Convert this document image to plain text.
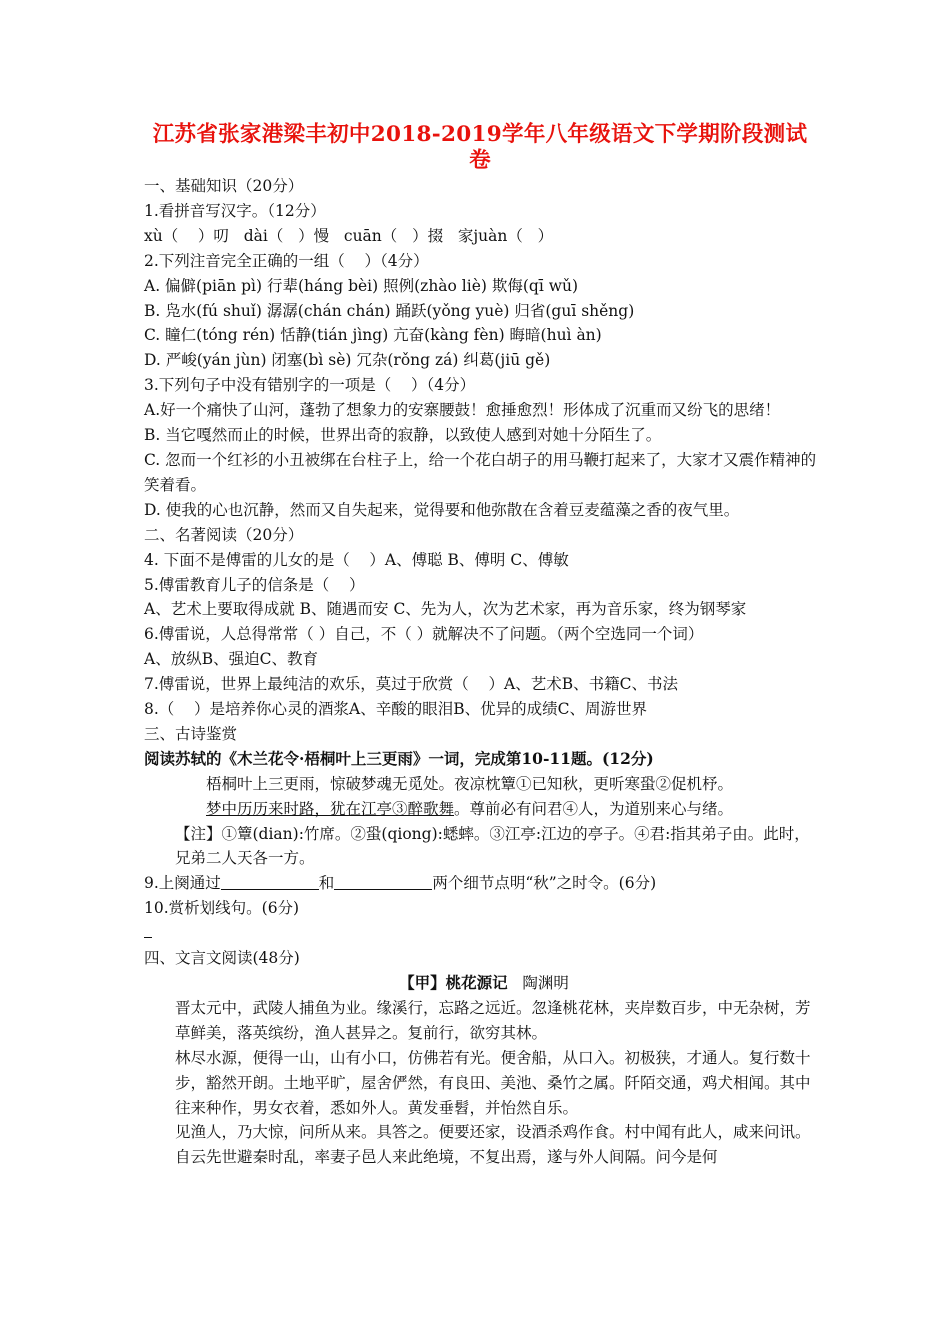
江苏省张家港梁丰初中2018-2019学年八年级语文下学期阶段测试
卷
一、基础知识（20分）
1.看拼音写汉字。（12分）
xù（    ）叨   dài（   ）慢   cuān（   ）掇   家juàn（   ）
2.下列注音完全正确的一组（    ）（4分）
A. 偏僻(piān pì) 行辈(háng bèi) 照例(zhào liè) 欺侮(qī wǔ)
B. 凫水(fú shuǐ) 潺潺(chán chán) 踊跃(yǒng yuè) 归省(guī shěng)
C. 瞳仁(tóng rén) 恬静(tián jìng) 亢奋(kàng fèn) 晦暗(huì àn)
D. 严峻(yán jùn) 闭塞(bì sè) 冗杂(rǒng zá) 纠葛(jiū gě)
3.下列句子中没有错别字的一项是（    ）（4分）
A.好一个痛快了山河，蓬勃了想象力的安寨腰鼓！愈捶愈烈！形体成了沉重而又纷飞的思绪！
B. 当它嘎然而止的时候，世界出奇的寂静，以致使人感到对她十分陌生了。
C. 忽而一个红衫的小丑被绑在台柱子上，给一个花白胡子的用马鞭打起来了，大家才又震作精神的笑着看。
D. 使我的心也沉静，然而又自失起来，觉得要和他弥散在含着豆麦蕴藻之香的夜气里。
二、名著阅读（20分）
4. 下面不是傅雷的儿女的是（    ）A、傅聪 B、傅明 C、傅敏
5.傅雷教育儿子的信条是（    ）
A、艺术上要取得成就 B、随遇而安 C、先为人，次为艺术家，再为音乐家，终为钢琴家
6.傅雷说，人总得常常（ ）自己，不（ ）就解决不了问题。（两个空选同一个词）
A、放纵B、强迫C、教育
7.傅雷说，世界上最纯洁的欢乐，莫过于欣赏（    ）A、艺术B、书籍C、书法
8.（    ）是培养你心灵的酒浆A、辛酸的眼泪B、优异的成绩C、周游世界
三、古诗鉴赏
阅读苏轼的《木兰花令·梧桐叶上三更雨》一词，完成第10-11题。(12分)
梧桐叶上三更雨，惊破梦魂无觅处。夜凉枕簟①已知秋，更听寒蛩②促机杼。
梦中历历来时路，犹在江亭③醉歌舞。尊前必有问君④人，为道别来心与绪。
【注】①簟(dian):竹席。②蛩(qiong):蟋蟀。③江亭:江边的亭子。④君:指其弟子由。此时，兄弟二人天各一方。
9.上阕通过	和	两个细节点明“秋”之时令。(6分)
10.赏析划线句。(6分)
四、文言文阅读(48分)
【甲】桃花源记 陶渊明
晋太元中，武陵人捕鱼为业。缘溪行，忘路之远近。忽逢桃花林，夹岸数百步，中无杂树，芳草鲜美，落英缤纷，渔人甚异之。复前行，欲穷其林。
林尽水源，便得一山，山有小口，仿佛若有光。便舍船，从口入。初极狭，才通人。复行数十步，豁然开朗。土地平旷，屋舍俨然，有良田、美池、桑竹之属。阡陌交通，鸡犬相闻。其中往来种作，男女衣着，悉如外人。黄发垂髫，并怡然自乐。
见渔人，乃大惊，问所从来。具答之。便要还家，设酒杀鸡作食。村中闻有此人，咸来问讯。自云先世避秦时乱，率妻子邑人来此绝境，不复出焉，遂与外人间隔。问今是何
